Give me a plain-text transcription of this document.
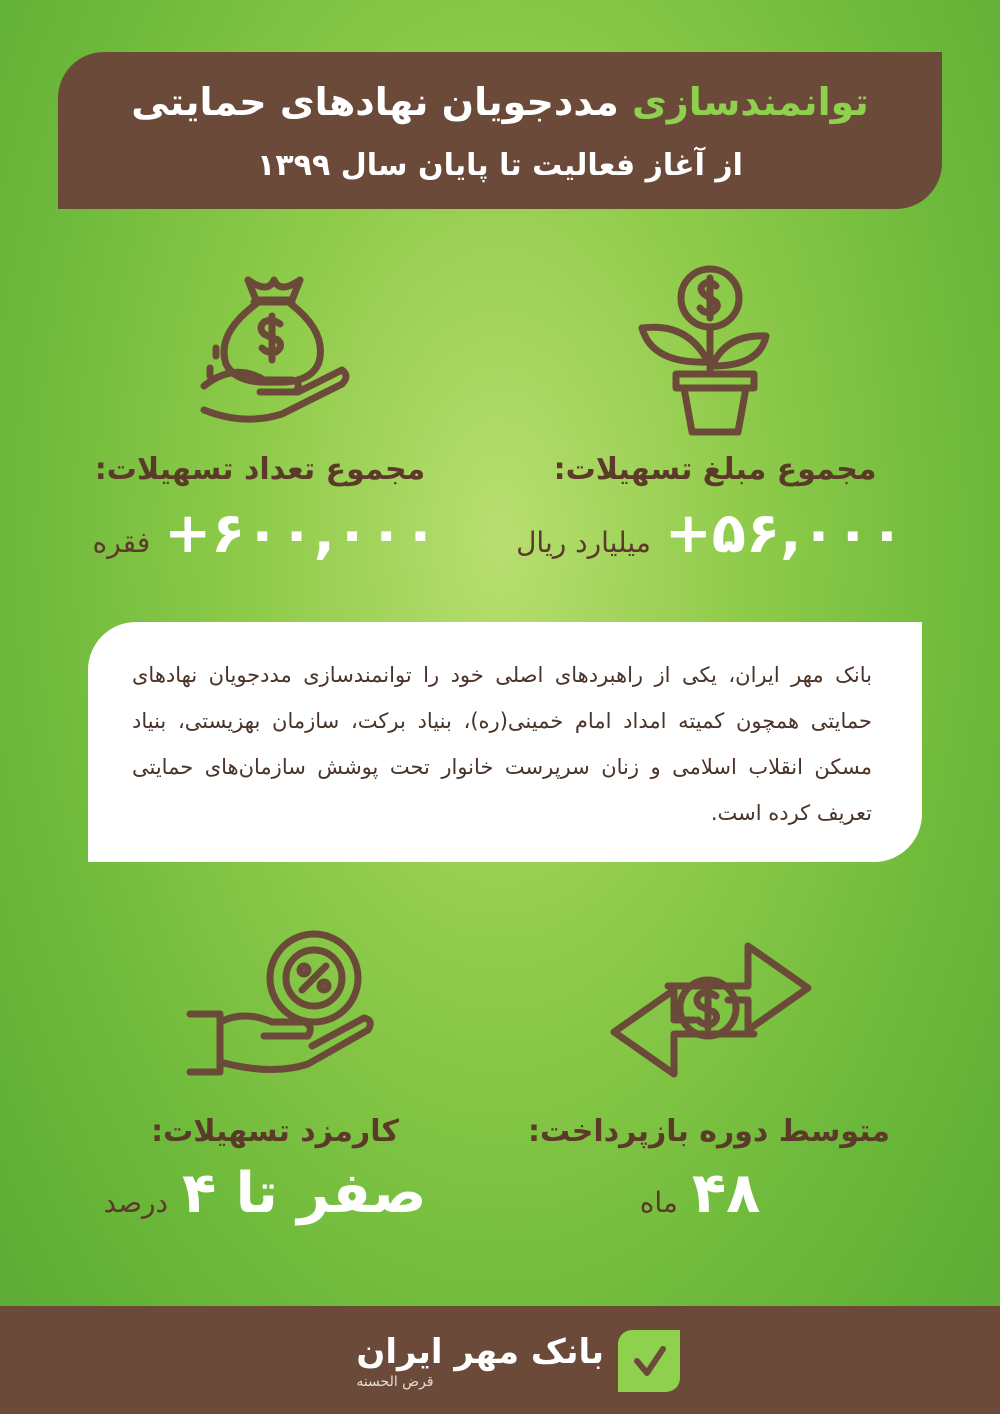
توانمندسازی مددجویان نهادهای حمایتی
از آغاز فعالیت تا پایان سال ۱۳۹۹
مجموع مبلغ تسهیلات:
+۵۶,۰۰۰
میلیارد ریال
مجموع تعداد تسهیلات:
+۶۰۰,۰۰۰
فقره
بانک مهر ایران، یکی از راهبردهای اصلی خود را توانمندسازی مددجویان نهادهای حمایتی همچون کمیته امداد امام خمینی(ره)، بنیاد برکت، سازمان بهزیستی، بنیاد مسکن انقلاب اسلامی و زنان سرپرست خانوار تحت پوشش سازمان‌های حمایتی تعریف کرده است.
متوسط دوره بازپرداخت:
۴۸
ماه
کارمزد تسهیلات:
صفر تا ۴
درصد
بانک مهر ایران
قرض الحسنه
